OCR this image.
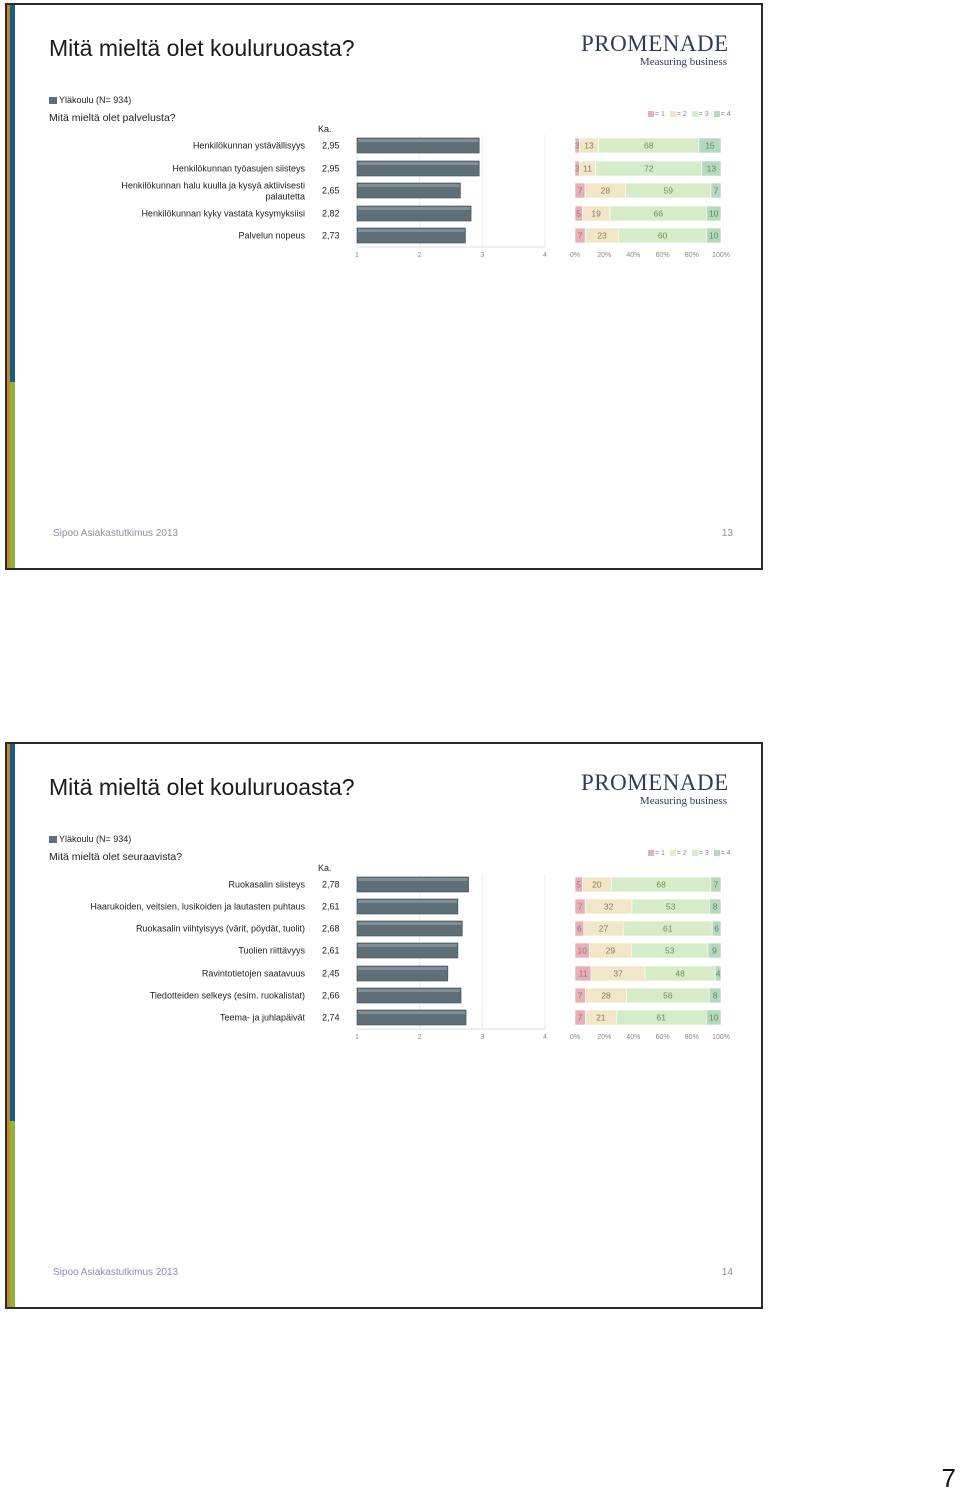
Mitä mieltä olet kouluruoasta?	PROMENADE
Measuring business
Yläkoulu (N= 934)
Mitä mieltä olet palvelusta?	= 1 = 2 = 3 = 4
Ka.
1	2	3	4	0% 20% 40% 60% 80% 100%
Henkilökunnan ystävällisyys 2,95	3 13	68	15
Henkilökunnan työasujen siisteys 2,95	3 11	72	13
Henkilökunnan halu kuulla ja kysyä aktiivisesti palautetta
2,65	7 28	59	7
Henkilökunnan kyky vastata kysymyksiisi 2,82	5 19	66	10
Palvelun nopeus 2,73	7 23	60	10
Sipoo Asiakastutkimus 2013	13
Mitä mieltä olet kouluruoasta?	PROMENADE
Measuring business
Yläkoulu (N= 934)
Mitä mieltä olet seuraavista?	= 1 = 2 = 3 = 4
Ka.
1	2	3	4	0% 20% 40% 60% 80% 100%
Ruokasalin siisteys 2,78	5 20	68	7
Haarukoiden, veitsien, lusikoiden ja lautasten puhtaus 2,61	7	32	53	8
Ruokasalin viihtyisyys (värit, pöydät, tuolit) 2,68	6 27	61	6
Tuolien riittävyys 2,61	10 29	53	9
Ravintotietojen saatavuus 2,45	11	37	48	4
Tiedotteiden selkeys (esim. ruokalistat) 2,66	7 28	56	8
Teema- ja juhlapäivät 2,74	7 21	61	10
Sipoo Asiakastutkimus 2013	14
7
